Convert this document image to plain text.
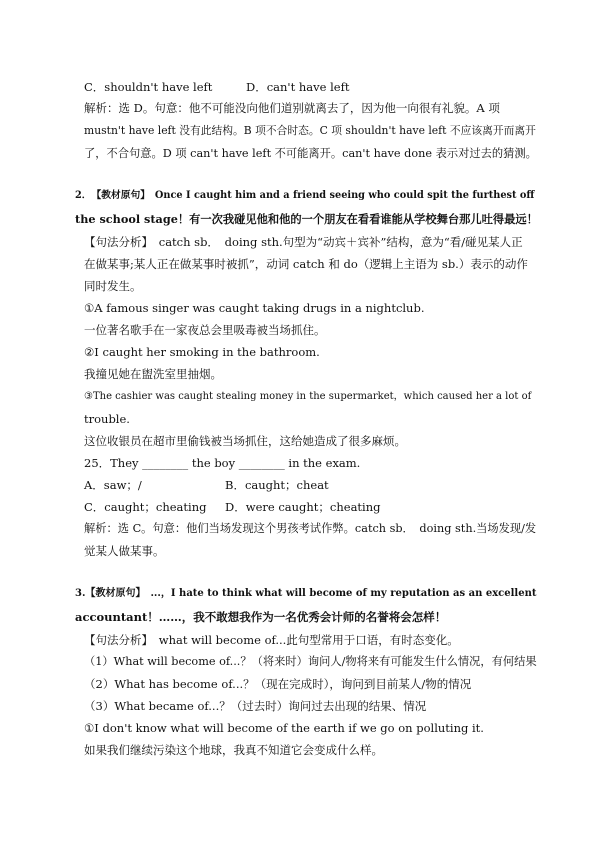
C．shouldn't have left	D．can't have left
解析：选 D。句意：他不可能没向他们道别就离去了，因为他一向很有礼貌。A 项
mustn't have left 没有此结构。B 项不合时态。C 项 shouldn't have left 不应该离开而离开
了，不合句意。D 项 can't have left 不可能离开。can't have done 表示对过去的猜测。
2．　【教材原句】　Once I caught him and a friend seeing who could spit the furthest off
the school stage！有一次我碰见他和他的一个朋友在看看谁能从学校舞台那儿吐得最远！
【句法分析】　catch sb．　doing sth.句型为“动宾＋宾补”结构，意为“看/碰见某人正
在做某事;某人正在做某事时被抓”，动词 catch 和 do（逻辑上主语为 sb.）表示的动作
同时发生。
①A famous singer was caught taking drugs in a nightclub.
一位著名歌手在一家夜总会里吸毒被当场抓住。
②I caught her smoking in the bathroom.
我撞见她在盥洗室里抽烟。
③The cashier was caught stealing money in the supermarket，which caused her a lot of
trouble.
这位收银员在超市里偷钱被当场抓住，这给她造成了很多麻烦。
25．They ________ the boy ________ in the exam.
A．saw；/	B．caught；cheat
C．caught；cheating D．were caught；cheating
解析：选 C。句意：他们当场发现这个男孩考试作弊。catch sb．　doing sth.当场发现/发
觉某人做某事。
3.【教材原句】　...，I hate to think what will become of my reputation as an excellent
accountant！……，我不敢想我作为一名优秀会计师的名誉将会怎样！
【句法分析】　what will become of...此句型常用于口语，有时态变化。
（1）What will become of...？（将来时）询问人/物将来有可能发生什么情况，有何结果
（2）What has become of...？（现在完成时），询问到目前某人/物的情况
（3）What became of...？（过去时）询问过去出现的结果、情况
①I don't know what will become of the earth if we go on polluting it.
如果我们继续污染这个地球，我真不知道它会变成什么样。
